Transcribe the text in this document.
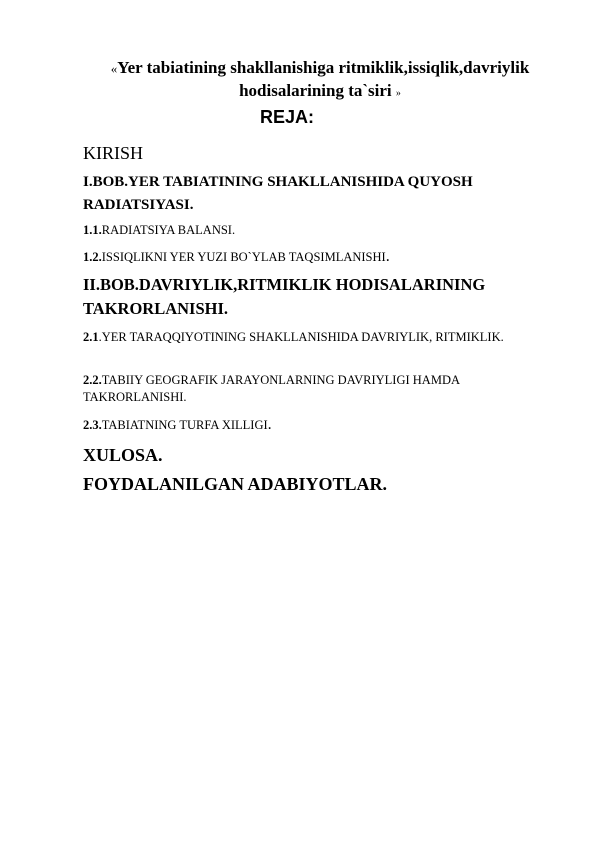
«Yer tabiatining shakllanishiga ritmiklik,issiqlik,davriylik hodisalarining ta`siri »
REJA:
KIRISH
I.BOB.YER TABIATINING SHAKLLANISHIDA QUYOSH RADIATSIYASI.
1.1.RADIATSIYA BALANSI.
1.2.ISSIQLIKNI YER YUZI BO`YLAB TAQSIMLANISHI.
II.BOB.DAVRIYLIK,RITMIKLIK HODISALARINING TAKRORLANISHI.
2.1.YER TARAQQIYOTINING SHAKLLANISHIDA DAVRIYLIK, RITMIKLIK.
2.2.TABIIY GEOGRAFIK JARAYONLARNING DAVRIYLIGI HAMDA TAKRORLANISHI.
2.3.TABIATNING TURFA XILLIGI.
XULOSA.
FOYDALANILGAN ADABIYOTLAR.
